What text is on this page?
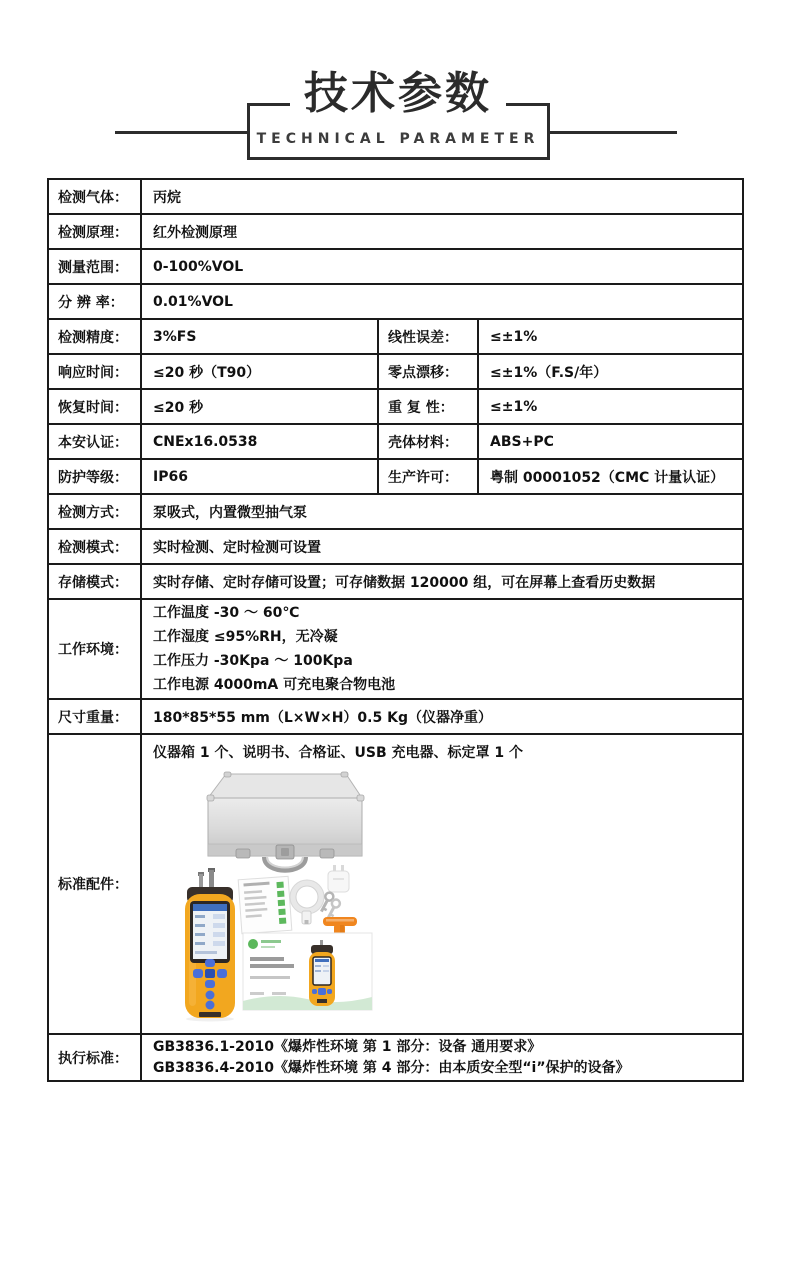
技术参数
TECHNICAL PARAMETER
检测气体：	丙烷
检测原理：	红外检测原理
测量范围：	0-100%VOL
分 辨 率：	0.01%VOL
检测精度：	3%FS	线性误差：	≤±1%
响应时间：	≤20 秒（T90）	零点漂移：	≤±1%（F.S/年）
恢复时间：	≤20 秒	重 复 性：	≤±1%
本安认证：	CNEx16.0538	壳体材料：	ABS+PC
防护等级：	IP66	生产许可：	粤制 00001052（CMC 计量认证）
检测方式：	泵吸式，内置微型抽气泵
检测模式：	实时检测、定时检测可设置
存储模式：	实时存储、定时存储可设置；可存储数据 120000 组，可在屏幕上查看历史数据
工作环境：
工作温度 -30 ～ 60℃
工作湿度 ≤95%RH，无冷凝
工作压力 -30Kpa ～ 100Kpa
工作电源 4000mA 可充电聚合物电池
尺寸重量：	180*85*55 mm（L×W×H）0.5 Kg（仪器净重）
标准配件：
仪器箱 1 个、说明书、合格证、USB 充电器、标定罩 1 个
执行标准：
GB3836.1-2010《爆炸性环境 第 1 部分：设备 通用要求》
GB3836.4-2010《爆炸性环境 第 4 部分：由本质安全型“i”保护的设备》
